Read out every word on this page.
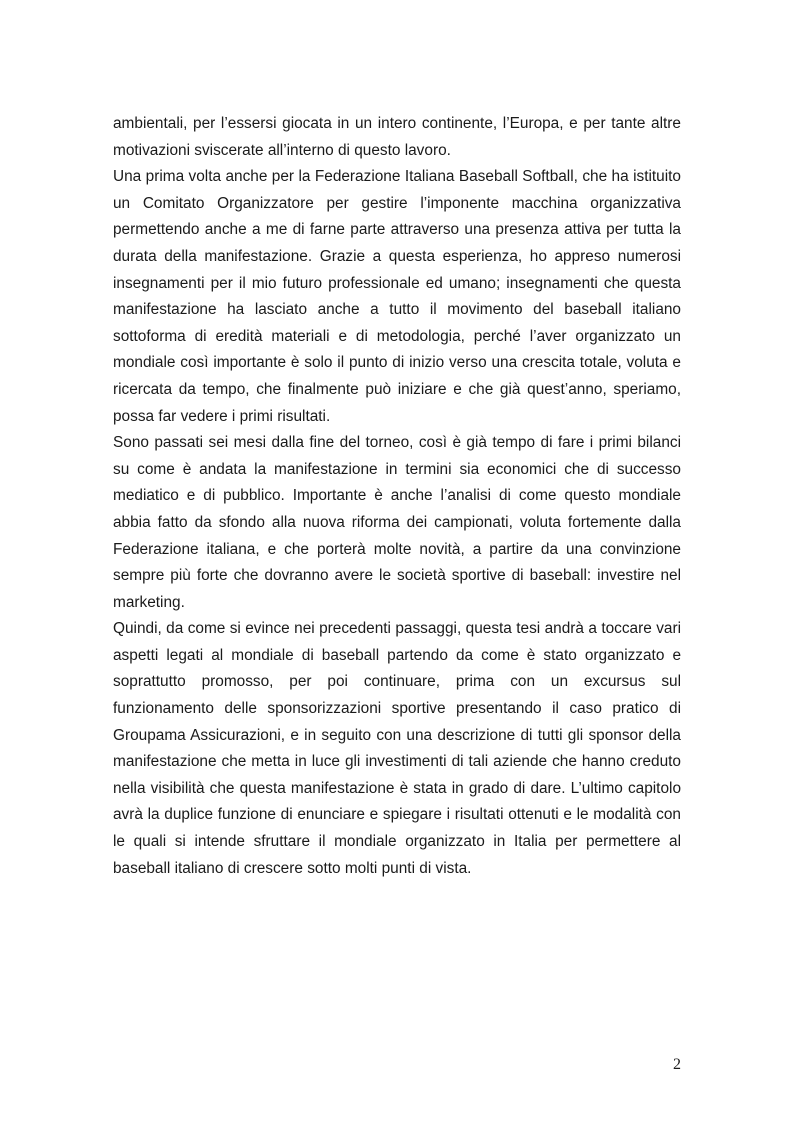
ambientali, per l’essersi giocata in un intero continente, l’Europa, e per tante altre motivazioni sviscerate all’interno di questo lavoro.

Una prima volta anche per la Federazione Italiana Baseball Softball, che ha istituito un Comitato Organizzatore per gestire l’imponente macchina organizzativa permettendo anche a me di farne parte attraverso una presenza attiva per tutta la durata della manifestazione. Grazie a questa esperienza, ho appreso numerosi insegnamenti per il mio futuro professionale ed umano; insegnamenti che questa manifestazione ha lasciato anche a tutto il movimento del baseball italiano sottoforma di eredità materiali e di metodologia, perché l’aver organizzato un mondiale così importante è solo il punto di inizio verso una crescita totale, voluta e ricercata da tempo, che finalmente può iniziare e che già quest’anno, speriamo, possa far vedere i primi risultati.

Sono passati sei mesi dalla fine del torneo, così è già tempo di fare i primi bilanci su come è andata la manifestazione in termini sia economici che di successo mediatico e di pubblico. Importante è anche l’analisi di come questo mondiale abbia fatto da sfondo alla nuova riforma dei campionati, voluta fortemente dalla Federazione italiana, e che porterà molte novità, a partire da una convinzione sempre più forte che dovranno avere le società sportive di baseball: investire nel marketing.

Quindi, da come si evince nei precedenti passaggi, questa tesi andrà a toccare vari aspetti legati al mondiale di baseball partendo da come è stato organizzato e soprattutto promosso, per poi continuare, prima con un excursus sul funzionamento delle sponsorizzazioni sportive presentando il caso pratico di Groupama Assicurazioni, e in seguito con una descrizione di tutti gli sponsor della manifestazione che metta in luce gli investimenti di tali aziende che hanno creduto nella visibilità che questa manifestazione è stata in grado di dare. L’ultimo capitolo avrà la duplice funzione di enunciare e spiegare i risultati ottenuti e le modalità con le quali si intende sfruttare il mondiale organizzato in Italia per permettere al baseball italiano di crescere sotto molti punti di vista.

2
